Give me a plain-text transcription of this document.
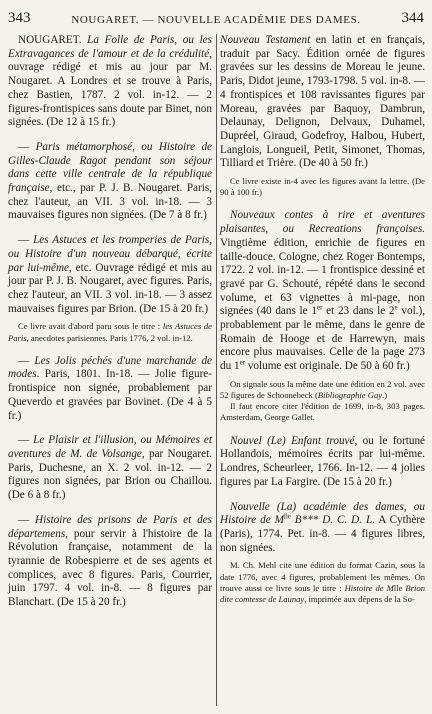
343	NOUGARET. — NOUVELLE ACADÉMIE DES DAMES.	344

NOUGARET. La Folle de Paris, ou les Extravagances de l'amour et de la crédulité, ouvrage rédigé et mis au jour par M. Nougaret. A Londres et se trouve à Paris, chez Bastien, 1787. 2 vol. in-12. — 2 figures-frontispices sans doute par Binet, non signées. (De 12 à 15 fr.)

— Paris métamorphosé, ou Histoire de Gilles-Claude Ragot pendant son séjour dans cette ville centrale de la république française, etc., par P. J. B. Nougaret. Paris, chez l'auteur, an VII. 3 vol. in-18. — 3 mauvaises figures non signées. (De 7 à 8 fr.)

— Les Astuces et les tromperies de Paris, ou Histoire d'un nouveau débarqué, écrite par lui-même, etc. Ouvrage rédigé et mis au jour par P. J. B. Nougaret, avec figures. Paris, chez l'auteur, an VII. 3 vol. in-18. — 3 assez mauvaises figures par Brion. (De 15 à 20 fr.)

Ce livre avait d'abord paru sous le titre : les Astuces de Paris, anecdotes parisiennes. Paris 1776, 2 vol. in-12.

— Les Jolis péchés d'une marchande de modes. Paris, 1801. In-18. — Jolie figure-frontispice non signée, probablement par Queverdo et gravées par Bovinet. (De 4 à 5 fr.)

— Le Plaisir et l'illusion, ou Mémoires et aventures de M. de Volsange, par Nougaret. Paris, Duchesne, an X. 2 vol. in-12. — 2 figures non signées, par Brion ou Chaillou. (De 6 à 8 fr.)

— Histoire des prisons de Paris et des départemens, pour servir à l'histoire de la Révolution française, notamment de la tyrannie de Robespierre et de ses agents et complices, avec 8 figures. Paris, Courrier, juin 1797. 4 vol. in-8. — 8 figures par Blanchart. (De 15 à 20 fr.)

Nouveau Testament en latin et en français, traduit par Sacy. Édition ornée de figures gravées sur les dessins de Moreau le jeune. Paris, Didot jeune, 1793-1798. 5 vol. in-8. — 4 frontispices et 108 ravissantes figures par Moreau, gravées par Baquoy, Dambrun, Delaunay, Delignon, Delvaux, Duhamel, Dupréel, Giraud, Godefroy, Halbou, Hubert, Langlois, Longueil, Petit, Simonet, Thomas, Tilliard et Trière. (De 40 à 50 fr.)

Ce livre existe in-4 avec les figures avant la lettre. (De 90 à 100 fr.)

Nouveaux contes à rire et aventures plaisantes, ou Recreations françoises. Vingtième édition, enrichie de figures en taille-douce. Cologne, chez Roger Bontemps, 1722. 2 vol. in-12. — 1 frontispice dessiné et gravé par G. Schouté, répété dans le second volume, et 63 vignettes à mi-page, non signées (40 dans le 1er et 23 dans le 2e vol.), probablement par le même, dans le genre de Romain de Hooge et de Harrewyn, mais encore plus mauvaises. Celle de la page 273 du 1er volume est originale. De 50 à 60 fr.)

On signale sous la même date une édition en 2 vol. avec 52 figures de Schoonebeck (Bibliographie Gay.)

Il faut encore citer l'édition de 1699, in-8, 303 pages. Amsterdam, George Gallet.

Nouvel (Le) Enfant trouvé, ou le fortuné Hollandois, mémoires écrits par lui-même. Londres, Scheurleer, 1766. In-12. — 4 jolies figures par La Fargire. (De 15 à 20 fr.)

Nouvelle (La) académie des dames, ou Histoire de $M^{lle}$ B*** D. C. D. L. A Cythère (Paris), 1774. Pet. in-8. — 4 figures libres, non signées.

M. Ch. Mehl cite une édition du format Cazin, sous la date 1776, avec 4 figures, probablement les mêmes. On trouve aussi ce livre sous le titre : Histoire de Mlle Brion dite comtesse de Launay, imprimée aux dépens de la So-
